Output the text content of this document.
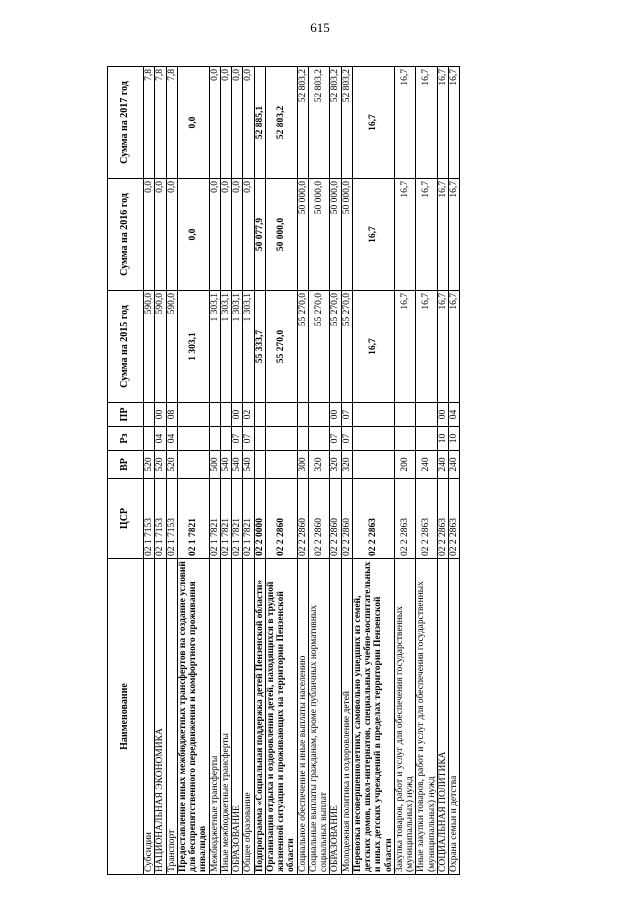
615
Наименование	ЦСР	ВР	Рз	ПР	Сумма на 2015 год	Сумма на 2016 год	Сумма на 2017 год
Субсидии	02 1 7153	520			590,0	0,0	7,8
НАЦИОНАЛЬНАЯ ЭКОНОМИКА	02 1 7153	520	04	00	590,0	0,0	7,8
Транспорт	02 1 7153	520	04	08	590,0	0,0	7,8
Предоставление иных межбюджетных трансфертов на создание условий для беспрепятственного передвижения и комфортного проживания инвалидов	02 1 7821				1 303,1	0,0	0,0
Межбюджетные трансферты	02 1 7821	500			1 303,1	0,0	0,0
Иные межбюджетные трансферты	02 1 7821	540			1 303,1	0,0	0,0
ОБРАЗОВАНИЕ	02 1 7821	540	07	00	1 303,1	0,0	0,0
Общее образование	02 1 7821	540	07	02	1 303,1	0,0	0,0
Подпрограмма «Социальная поддержка детей Пензенской области»	02 2 0000				55 333,7	50 077,9	52 885,1
Организация отдыха и оздоровления детей, находящихся в трудной жизненной ситуации и проживающих на территории Пензенской области	02 2 2860				55 270,0	50 000,0	52 803,2
Социальное обеспечение и иные выплаты населению	02 2 2860	300			55 270,0	50 000,0	52 803,2
Социальные выплаты гражданам, кроме публичных нормативных социальных выплат	02 2 2860	320			55 270,0	50 000,0	52 803,2
ОБРАЗОВАНИЕ	02 2 2860	320	07	00	55 270,0	50 000,0	52 803,2
Молодежная политика и оздоровление детей	02 2 2860	320	07	07	55 270,0	50 000,0	52 803,2
Перевозка несовершеннолетних, самовольно ушедших из семей, детских домов, школ-интернатов, специальных учебно-воспитательных и иных детских учреждений в пределах территории Пензенской области	02 2 2863				16,7	16,7	16,7
Закупка товаров, работ и услуг для обеспечения государственных (муниципальных) нужд	02 2 2863	200			16,7	16,7	16,7
Иные закупки товаров, работ и услуг для обеспечения государственных (муниципальных) нужд	02 2 2863	240			16,7	16,7	16,7
СОЦИАЛЬНАЯ ПОЛИТИКА	02 2 2863	240	10	00	16,7	16,7	16,7
Охрана семьи и детства	02 2 2863	240	10	04	16,7	16,7	16,7
